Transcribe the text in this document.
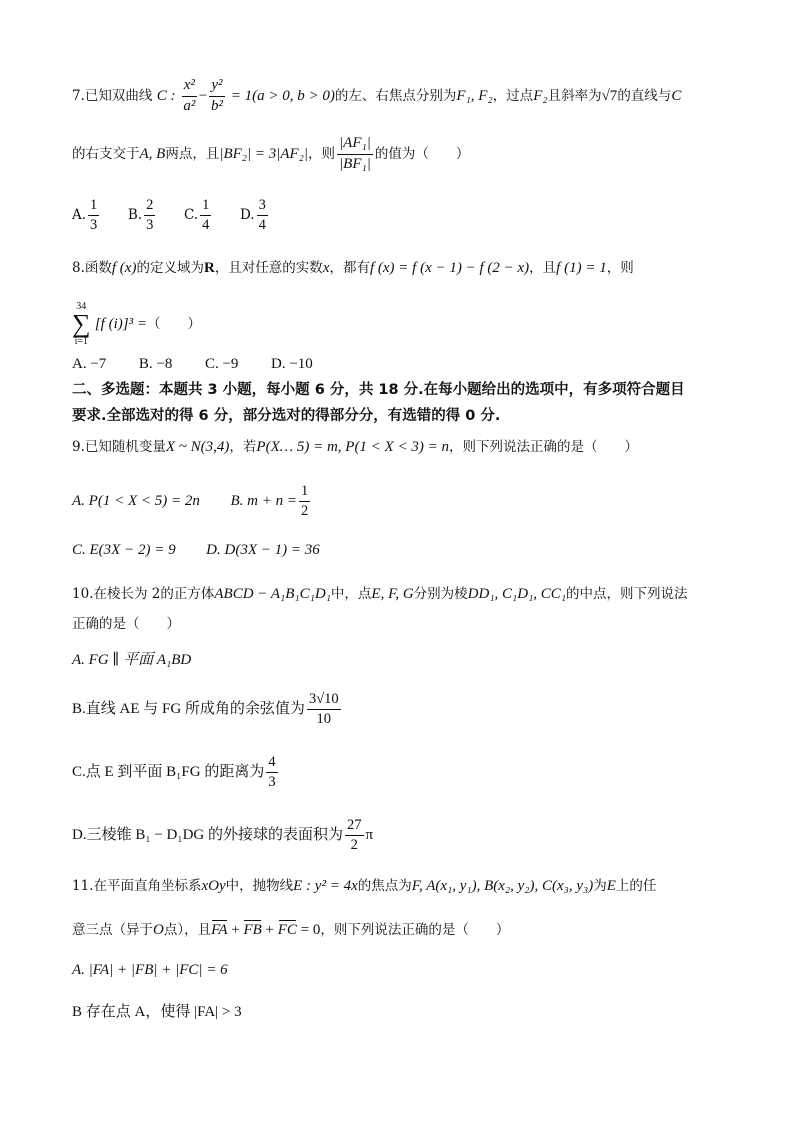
7.已知双曲线 C : $\frac{\text{x²}}{\text{a²}} - \frac{\text{y²}}{\text{b²}} = 1(a > 0$, b > 0)的左、右焦点分别为F₁, F₂，过点F₂且斜率为√7的直线与C
的右支交于A, B两点，且|BF₂| = 3|AF₂|，则 $\frac{\text{|AF₁|}}{\text{|BF₁|}}$ 的值为（　　）
A. $\frac{1}{3} B$. $\frac{2}{3} C$. $\frac{1}{4} D$. $\frac{3}{4}$
8.函数f (x)的定义域为R，且对任意的实数x，都有f (x) = f (x − 1) − f (2 − x)，且f (1) = 1，则
34
∑
i=1
[f (i)]³ =（　　）
A. −7 B. −8 C. −9 D. −10
二、多选题：本题共 3 小题，每小题 6 分，共 18 分.在每小题给出的选项中，有多项符合题目
要求.全部选对的得 6 分，部分选对的得部分分，有选错的得 0 分.
9.已知随机变量X ~ N(3,4)，若P(X… 5) = m, P(1 < X < 3) = n，则下列说法正确的是（　　）
A. P(1 < X < 5) = 2n B. $m + n = \frac{1}{2}$
C. E(3X − 2) = 9 D. D(3X − 1) = 36
10.在棱长为 2的正方体ABCD − A₁B₁C₁D₁中，点E, F, G分别为棱DD₁, C₁D₁, CC₁的中点，则下列说法
正确的是（　　）
A. FG ∥ 平面 A₁BD
B.直线 AE 与 FG 所成角的余弦值为 $\frac{3√10}{10}$
C.点 E 到平面 B₁FG 的距离为 $\frac{4}{3}$
D.三棱锥 B₁ − D₁DG 的外接球的表面积为 $\frac{27}{2}$ π
11.在平面直角坐标系xOy中，抛物线E : y² = 4x的焦点为F, A(x₁, y₁), B(x₂, y₂), C(x₃, y₃)为E上的任
意三点（异于O点），且FA + FB + FC = 0，则下列说法正确的是（　　）
A. |FA| + |FB| + |FC| = 6
B 存在点 A，使得 |FA| > 3
